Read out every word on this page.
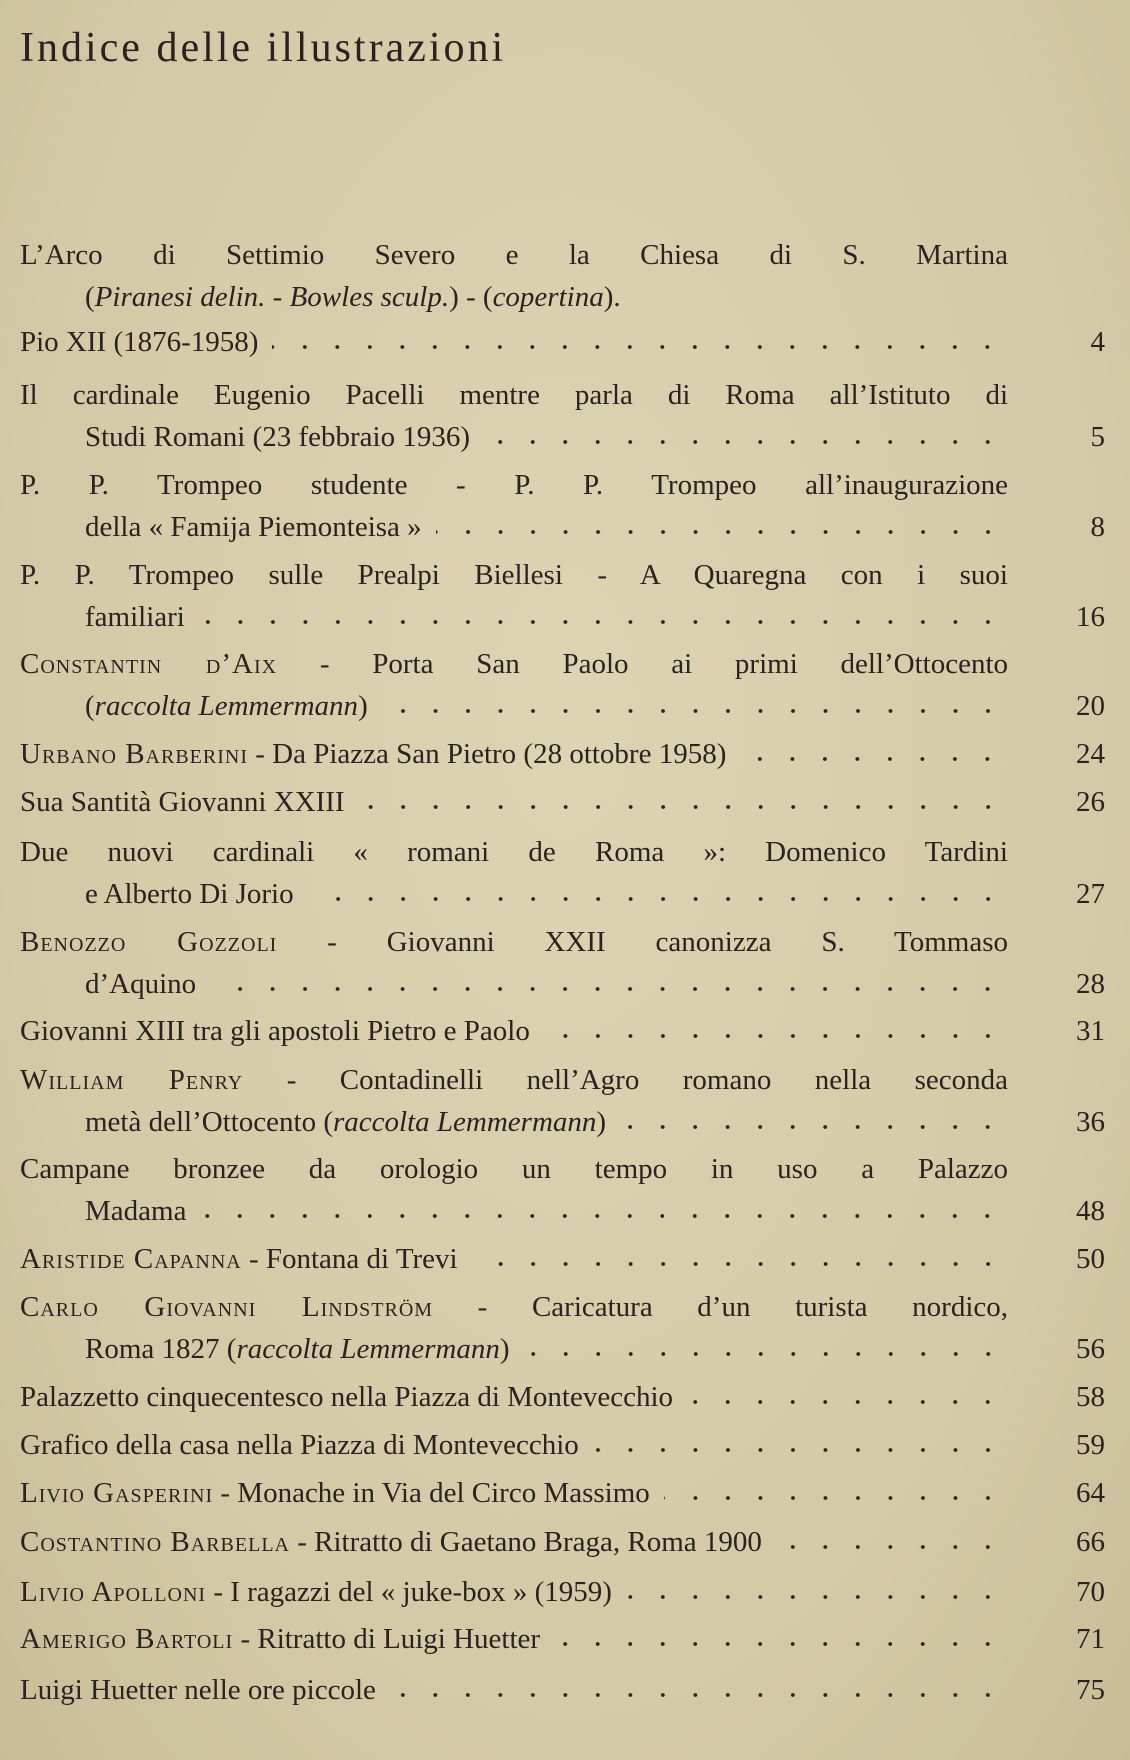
Indice delle illustrazioni
L’Arco di Settimio Severo e la Chiesa di S. Martina
(Piranesi delin. - Bowles sculp.) - (copertina).
Pio XII (1876-1958)	4
Il cardinale Eugenio Pacelli mentre parla di Roma all’Istituto di
Studi Romani (23 febbraio 1936)	5
P. P. Trompeo studente - P. P. Trompeo all’inaugurazione
della « Famija Piemonteisa »	8
P. P. Trompeo sulle Prealpi Biellesi - A Quaregna con i suoi
familiari	16
Constantin d’Aix - Porta San Paolo ai primi dell’Ottocento
(raccolta Lemmermann)	20
Urbano Barberini - Da Piazza San Pietro (28 ottobre 1958)	24
Sua Santità Giovanni XXIII	26
Due nuovi cardinali « romani de Roma »: Domenico Tardini
e Alberto Di Jorio	27
Benozzo Gozzoli - Giovanni XXII canonizza S. Tommaso
d’Aquino	28
Giovanni XIII tra gli apostoli Pietro e Paolo	31
William Penry - Contadinelli nell’Agro romano nella seconda
metà dell’Ottocento (raccolta Lemmermann)	36
Campane bronzee da orologio un tempo in uso a Palazzo
Madama	48
Aristide Capanna - Fontana di Trevi	50
Carlo Giovanni Lindström - Caricatura d’un turista nordico,
Roma 1827 (raccolta Lemmermann)	56
Palazzetto cinquecentesco nella Piazza di Montevecchio	58
Grafico della casa nella Piazza di Montevecchio	59
Livio Gasperini - Monache in Via del Circo Massimo	64
Costantino Barbella - Ritratto di Gaetano Braga, Roma 1900	66
Livio Apolloni - I ragazzi del « juke-box » (1959)	70
Amerigo Bartoli - Ritratto di Luigi Huetter	71
Luigi Huetter nelle ore piccole	75
